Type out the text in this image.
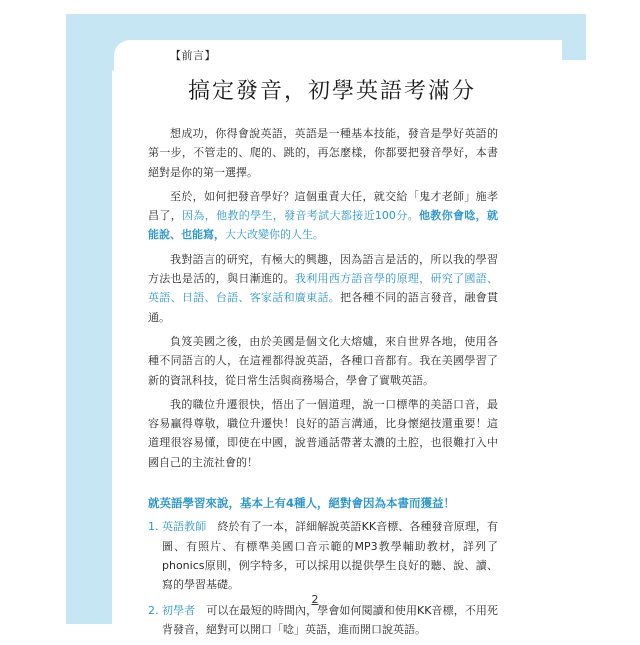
【前言】
搞定發音，初學英語考滿分

想成功，你得會說英語，英語是一種基本技能，發音是學好英語的第一步，不管走的、爬的、跳的，再怎麼樣，你都要把發音學好，本書絕對是你的第一選擇。

至於，如何把發音學好？這個重責大任，就交給「鬼才老師」施孝昌了，因為，他教的學生，發音考試大都接近100分。他教你會唸，就能說、也能寫，大大改變你的人生。

我對語言的研究，有極大的興趣，因為語言是活的，所以我的學習方法也是活的，與日漸進的。我利用西方語音學的原理，研究了國語、英語、日語、台語、客家話和廣東話。把各種不同的語言發音，融會貫通。

負笈美國之後，由於美國是個文化大熔爐，來自世界各地，使用各種不同語言的人，在這裡都得說英語，各種口音都有。我在美國學習了新的資訊科技，從日常生活與商務場合，學會了實戰英語。

我的職位升遷很快，悟出了一個道理，說一口標準的美語口音，最容易贏得尊敬，職位升遷快！良好的語言溝通，比身懷絕技還重要！這道理很容易懂，即使在中國，說普通話帶著太濃的土腔，也很難打入中國自己的主流社會的！

就英語學習來說，基本上有4種人，絕對會因為本書而獲益！

1. 英語教師　 終於有了一本，詳細解說英語KK音標、各種發音原理，有圖、有照片、有標準美國口音示範的MP3教學輔助教材，詳列了phonics原則，例字特多，可以採用以提供學生良好的聽、說、讀、寫的學習基礎。
2. 初學者　 可以在最短的時間內，學會如何閱讀和使用KK音標，不用死背發音，絕對可以開口「唸」英語，進而開口說英語。
2
